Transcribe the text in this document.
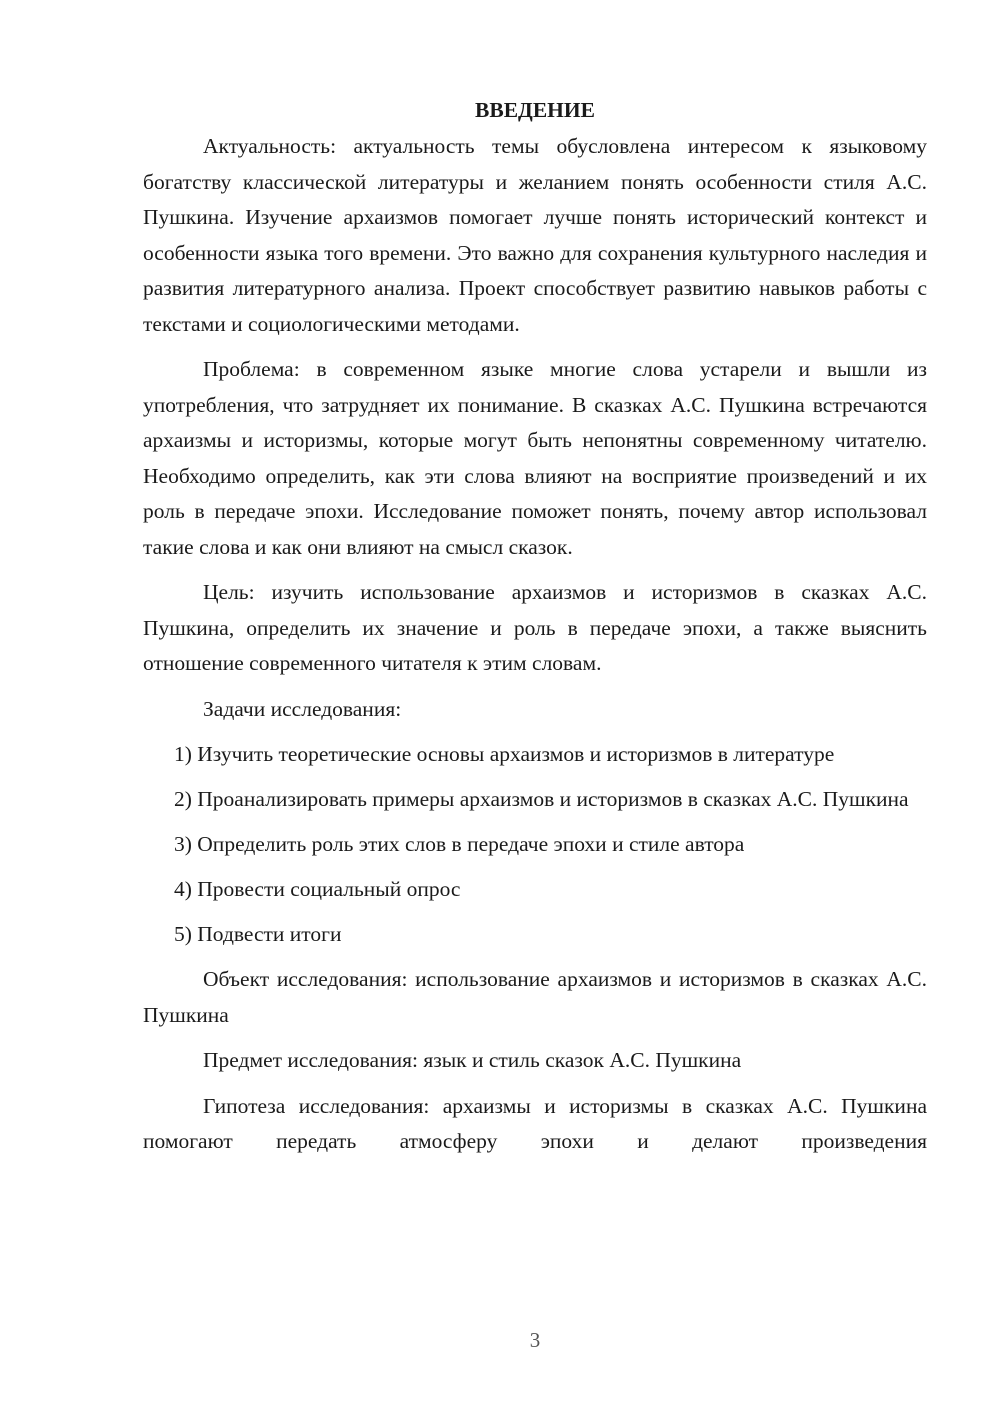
ВВЕДЕНИЕ

Актуальность: актуальность темы обусловлена интересом к языковому богатству классической литературы и желанием понять особенности стиля А.С. Пушкина. Изучение архаизмов помогает лучше понять исторический контекст и особенности языка того времени. Это важно для сохранения культурного наследия и развития литературного анализа. Проект способствует развитию навыков работы с текстами и социологическими методами.

Проблема: в современном языке многие слова устарели и вышли из употребления, что затрудняет их понимание. В сказках А.С. Пушкина встречаются архаизмы и историзмы, которые могут быть непонятны современному читателю. Необходимо определить, как эти слова влияют на восприятие произведений и их роль в передаче эпохи. Исследование поможет понять, почему автор использовал такие слова и как они влияют на смысл сказок.

Цель: изучить использование архаизмов и историзмов в сказках А.С. Пушкина, определить их значение и роль в передаче эпохи, а также выяснить отношение современного читателя к этим словам.

Задачи исследования:

1) Изучить теоретические основы архаизмов и историзмов в литературе

2) Проанализировать примеры архаизмов и историзмов в сказках А.С. Пушкина

3) Определить роль этих слов в передаче эпохи и стиле автора

4) Провести социальный опрос

5) Подвести итоги

Объект исследования: использование архаизмов и историзмов в сказках А.С. Пушкина

Предмет исследования: язык и стиль сказок А.С. Пушкина

Гипотеза исследования: архаизмы и историзмы в сказках А.С. Пушкина помогают передать атмосферу эпохи и делают произведения

3
